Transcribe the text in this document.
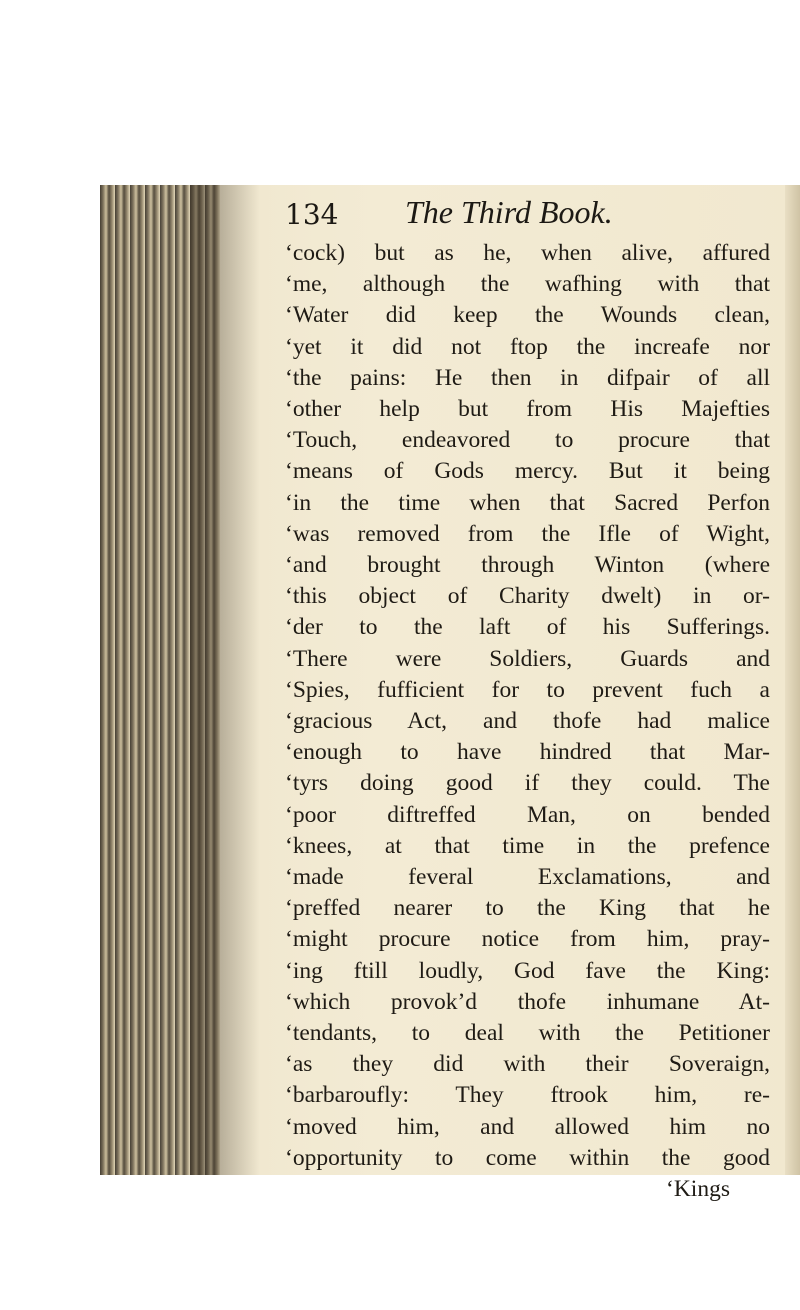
134 The Third Book.
‘cock) but as he, when alive, affured
‘me, although the wafhing with that
‘Water did keep the Wounds clean,
‘yet it did not ftop the increafe nor
‘the pains: He then in difpair of all
‘other help but from His Majefties
‘Touch, endeavored to procure that
‘means of Gods mercy. But it being
‘in the time when that Sacred Perfon
‘was removed from the Ifle of Wight,
‘and brought through Winton (where
‘this object of Charity dwelt) in or-
‘der to the laft of his Sufferings.
‘There were Soldiers, Guards and
‘Spies, fufficient for to prevent fuch a
‘gracious Act, and thofe had malice
‘enough to have hindred that Mar-
‘tyrs doing good if they could. The
‘poor diftreffed Man, on bended
‘knees, at that time in the prefence
‘made feveral Exclamations, and
‘preffed nearer to the King that he
‘might procure notice from him, pray-
‘ing ftill loudly, God fave the King:
‘which provok’d thofe inhumane At-
‘tendants, to deal with the Petitioner
‘as they did with their Soveraign,
‘barbaroufly: They ftrook him, re-
‘moved him, and allowed him no
‘opportunity to come within the good
‘Kings
